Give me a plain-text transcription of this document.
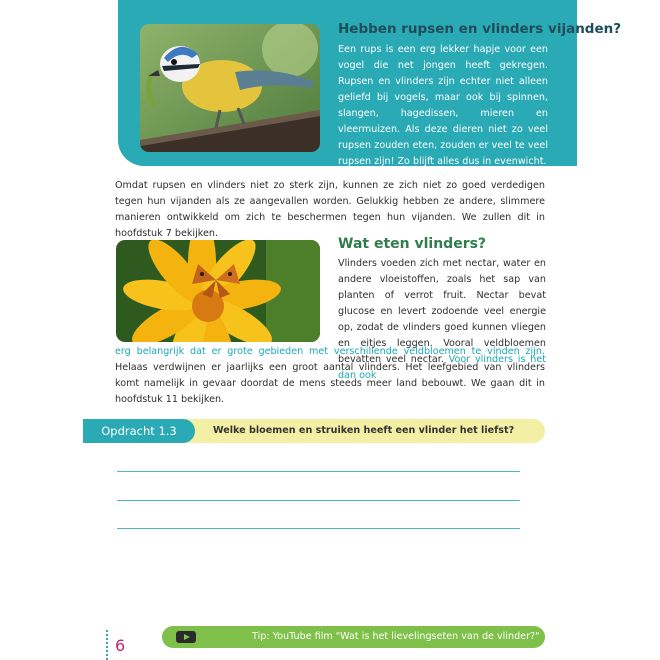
Hebben rupsen en vlinders vijanden?

Een rups is een erg lekker hapje voor een vogel die net jongen heeft gekregen. Rupsen en vlinders zijn echter niet alleen geliefd bij vogels, maar ook bij spinnen, slangen, hagedissen, mieren en vleermuizen. Als deze dieren niet zo veel rupsen zouden eten, zouden er veel te veel rupsen zijn! Zo blijft alles dus in evenwicht.

Omdat rupsen en vlinders niet zo sterk zijn, kunnen ze zich niet zo goed verdedigen tegen hun vijanden als ze aangevallen worden. Gelukkig hebben ze andere, slimmere manieren ontwikkeld om zich te beschermen tegen hun vijanden. We zullen dit in hoofdstuk 7 bekijken.

Wat eten vlinders?

Vlinders voeden zich met nectar, water en andere vloeistoffen, zoals het sap van planten of verrot fruit. Nectar bevat glucose en levert zodoende veel energie op, zodat de vlinders goed kunnen vliegen en eitjes leggen. Vooral veldbloemen bevatten veel nectar. Voor vlinders is het dan ook

erg belangrijk dat er grote gebieden met verschillende veldbloemen te vinden zijn. Helaas verdwijnen er jaarlijks een groot aantal vlinders. Het leefgebied van vlinders komt namelijk in gevaar doordat de mens steeds meer land bebouwt. We gaan dit in hoofdstuk 11 bekijken.

Opdracht 1.3	Welke bloemen en struiken heeft een vlinder het liefst?
6	Tip: YouTube film "Wat is het lievelingseten van de vlinder?"
